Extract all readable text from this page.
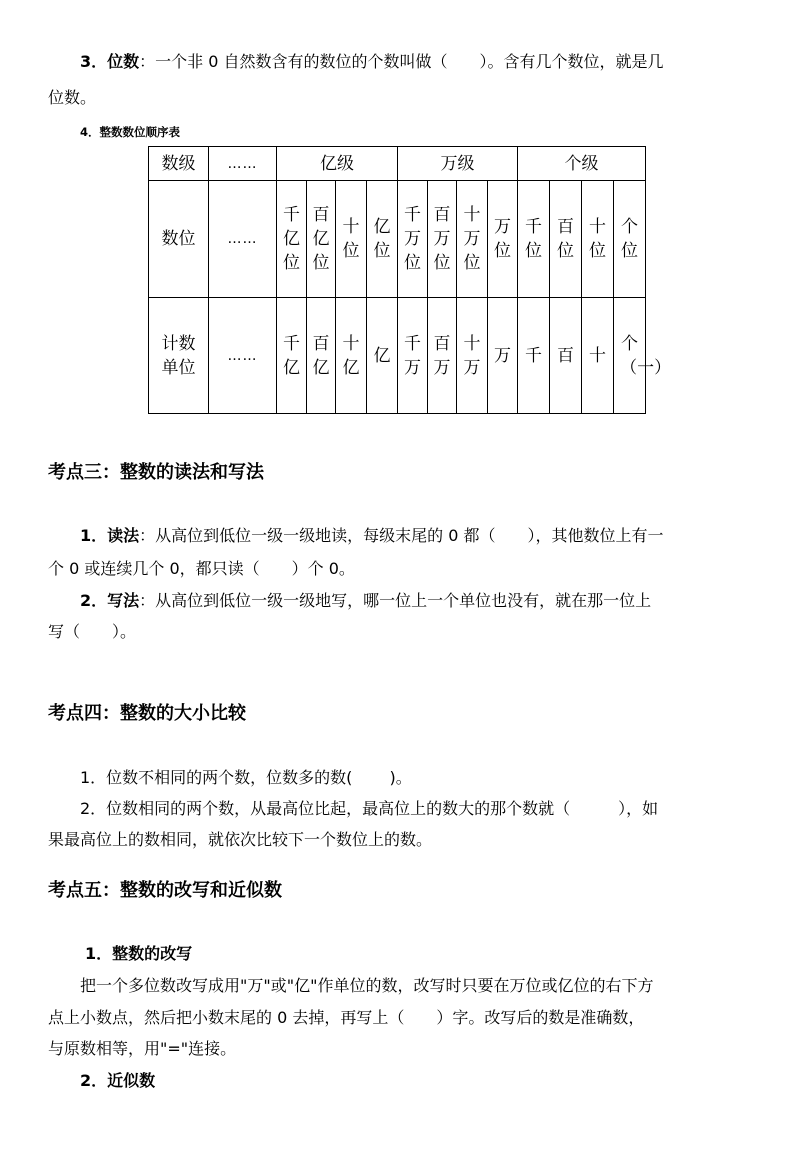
3．位数：一个非 0 自然数含有的数位的个数叫做（　　）。含有几个数位，就是几
位数。
4．整数数位顺序表
数级	……	亿级				万级				个级			
数位	……	千亿位	百亿位	十位	亿位	千万位	百万位	十万位	万位	千位	百位	十位	个位
计数单位	……	千亿	百亿	十亿	亿	千万	百万	十万	万	千	百	十	个（一）
考点三：整数的读法和写法
1．读法：从高位到低位一级一级地读，每级末尾的 0 都（　　），其他数位上有一
个 0 或连续几个 0，都只读（　　）个 0。
2．写法：从高位到低位一级一级地写，哪一位上一个单位也没有，就在那一位上
写（　　）。
考点四：整数的大小比较
1．位数不相同的两个数，位数多的数(　　 )。
2．位数相同的两个数，从最高位比起，最高位上的数大的那个数就（　　　），如
果最高位上的数相同，就依次比较下一个数位上的数。
考点五：整数的改写和近似数
1．整数的改写
把一个多位数改写成用"万"或"亿"作单位的数，改写时只要在万位或亿位的右下方
点上小数点，然后把小数末尾的 0 去掉，再写上（　　）字。改写后的数是准确数，
与原数相等，用"="连接。
2．近似数
